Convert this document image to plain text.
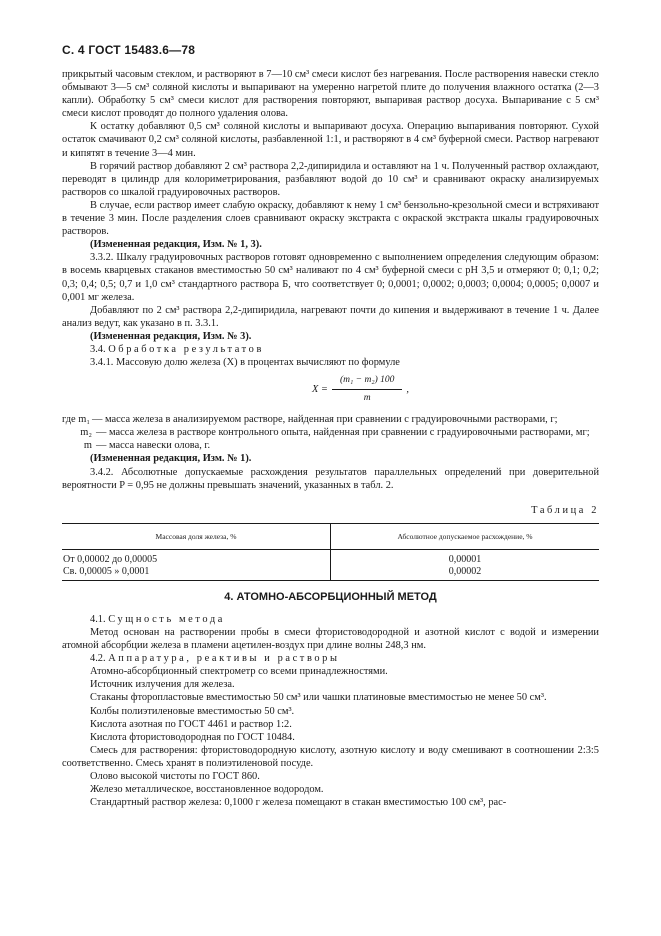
С. 4 ГОСТ 15483.6—78

прикрытый часовым стеклом, и растворяют в 7—10 см³ смеси кислот без нагревания. После растворения навески стекло обмывают 3—5 см³ соляной кислоты и выпаривают на умеренно нагретой плите до получения влажного остатка (2—3 капли). Обработку 5 см³ смеси кислот для растворения повторяют, выпаривая раствор досуха. Выпаривание с 5 см³ смеси кислот проводят до полного удаления олова.

К остатку добавляют 0,5 см³ соляной кислоты и выпаривают досуха. Операцию выпаривания повторяют. Сухой остаток смачивают 0,2 см³ соляной кислоты, разбавленной 1:1, и растворяют в 4 см³ буферной смеси. Раствор нагревают и кипятят в течение 3—4 мин.

В горячий раствор добавляют 2 см³ раствора 2,2-дипиридила и оставляют на 1 ч. Полученный раствор охлаждают, переводят в цилиндр для колориметрирования, разбавляют водой до 10 см³ и сравнивают окраску анализируемых растворов со шкалой градуировочных растворов.

В случае, если раствор имеет слабую окраску, добавляют к нему 1 см³ бензольно-крезольной смеси и встряхивают в течение 3 мин. После разделения слоев сравнивают окраску экстракта с окраской экстракта шкалы градуировочных растворов.

(Измененная редакция, Изм. № 1, 3).

3.3.2. Шкалу градуировочных растворов готовят одновременно с выполнением определения следующим образом: в восемь кварцевых стаканов вместимостью 50 см³ наливают по 4 см³ буферной смеси с pH 3,5 и отмеряют 0; 0,1; 0,2; 0,3; 0,4; 0,5; 0,7 и 1,0 см³ стандартного раствора Б, что соответствует 0; 0,0001; 0,0002; 0,0003; 0,0004; 0,0005; 0,0007 и 0,001 мг железа.

Добавляют по 2 см³ раствора 2,2-дипиридила, нагревают почти до кипения и выдерживают в течение 1 ч. Далее анализ ведут, как указано в п. 3.3.1.

(Измененная редакция, Изм. № 3).

3.4. Обработка результатов

3.4.1. Массовую долю железа (X) в процентах вычисляют по формуле

$X = \frac{\text{(m₁ − m₂) 100}}{m}$ ,
где m₁ — масса железа в анализируемом растворе, найденная при сравнении с градуировочными растворами, г;
m₂ — масса железа в растворе контрольного опыта, найденная при сравнении с градуировочными растворами, мг;
m — масса навески олова, г.

(Измененная редакция, Изм. № 1).

3.4.2. Абсолютные допускаемые расхождения результатов параллельных определений при доверительной вероятности P = 0,95 не должны превышать значений, указанных в табл. 2.

Таблица 2
Массовая доля железа, %	Абсолютное допускаемое расхождение, %
От 0,00002 до 0,00005	0,00001
Св. 0,00005 » 0,0001	0,00002
4. АТОМНО-АБСОРБЦИОННЫЙ МЕТОД

4.1. Сущность метода

Метод основан на растворении пробы в смеси фтористоводородной и азотной кислот с водой и измерении атомной абсорбции железа в пламени ацетилен-воздух при длине волны 248,3 нм.

4.2. Аппаратура, реактивы и растворы

Атомно-абсорбционный спектрометр со всеми принадлежностями.

Источник излучения для железа.

Стаканы фторопластовые вместимостью 50 см³ или чашки платиновые вместимостью не менее 50 см³.

Колбы полиэтиленовые вместимостью 50 см³.

Кислота азотная по ГОСТ 4461 и раствор 1:2.

Кислота фтористоводородная по ГОСТ 10484.

Смесь для растворения: фтористоводородную кислоту, азотную кислоту и воду смешивают в соотношении 2:3:5 соответственно. Смесь хранят в полиэтиленовой посуде.

Олово высокой чистоты по ГОСТ 860.

Железо металлическое, восстановленное водородом.

Стандартный раствор железа: 0,1000 г железа помещают в стакан вместимостью 100 см³, рас-
